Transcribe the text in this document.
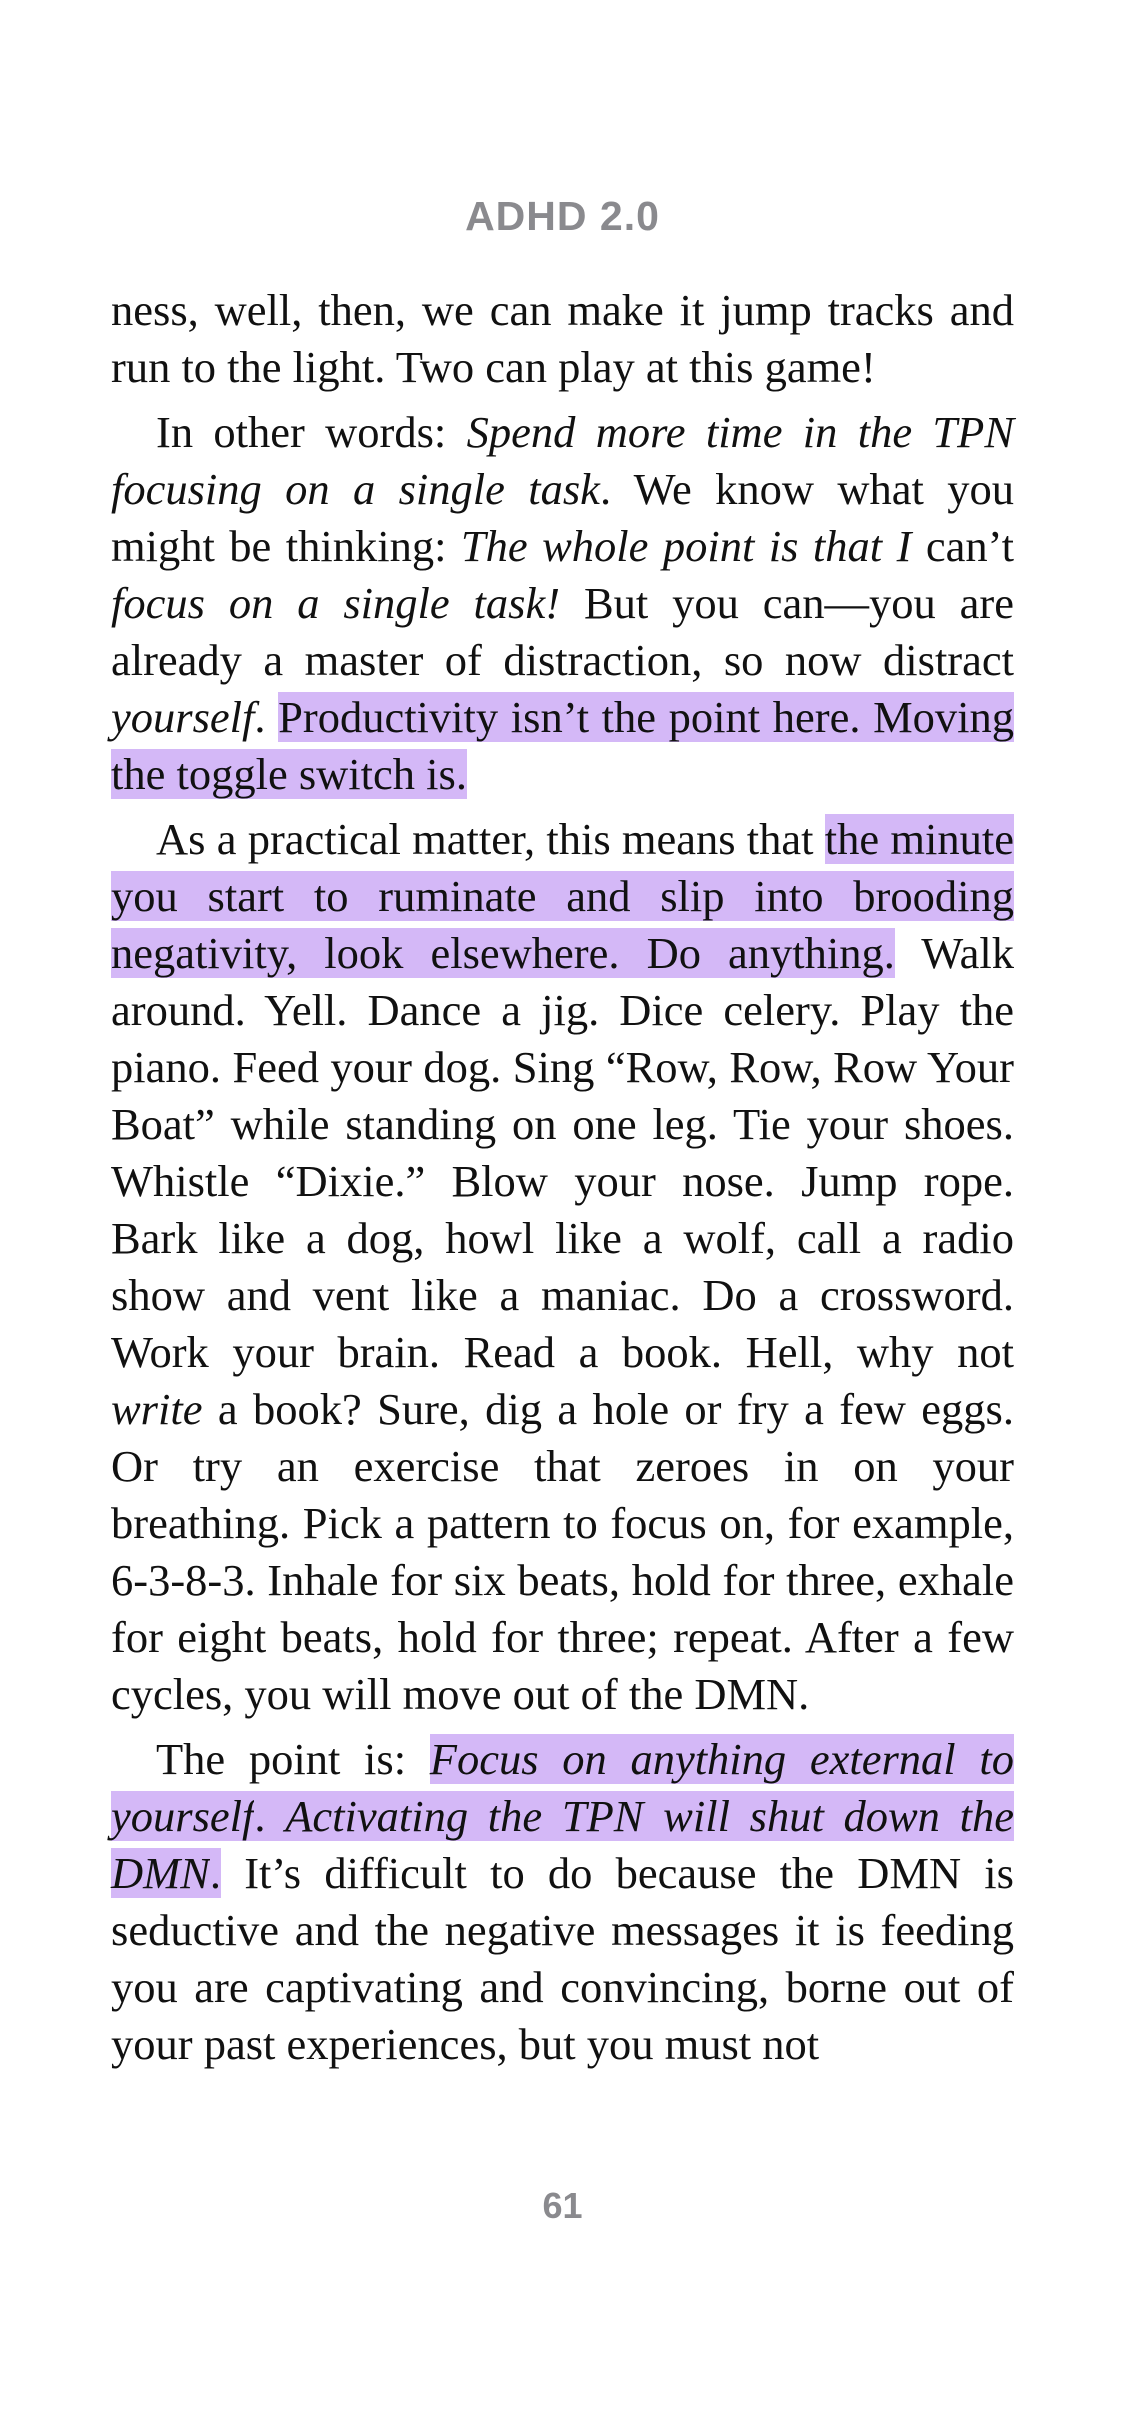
ADHD 2.0

ness, well, then, we can make it jump tracks and run to the light. Two can play at this game!

In other words: Spend more time in the TPN focusing on a single task. We know what you might be thinking: The whole point is that I can’t focus on a single task! But you can—you are already a master of distraction, so now distract yourself. Productivity isn’t the point here. Moving the toggle switch is.

As a practical matter, this means that the minute you start to ruminate and slip into brooding negativity, look elsewhere. Do anything. Walk around. Yell. Dance a jig. Dice celery. Play the piano. Feed your dog. Sing “Row, Row, Row Your Boat” while standing on one leg. Tie your shoes. Whistle “Dixie.” Blow your nose. Jump rope. Bark like a dog, howl like a wolf, call a radio show and vent like a maniac. Do a crossword. Work your brain. Read a book. Hell, why not write a book? Sure, dig a hole or fry a few eggs. Or try an exercise that zeroes in on your breathing. Pick a pattern to focus on, for example, 6-3-8-3. Inhale for six beats, hold for three, exhale for eight beats, hold for three; repeat. After a few cycles, you will move out of the DMN.

The point is: Focus on anything external to yourself. Activating the TPN will shut down the DMN. It’s difficult to do because the DMN is seductive and the negative messages it is feeding you are captivating and convincing, borne out of your past experiences, but you must not

61
